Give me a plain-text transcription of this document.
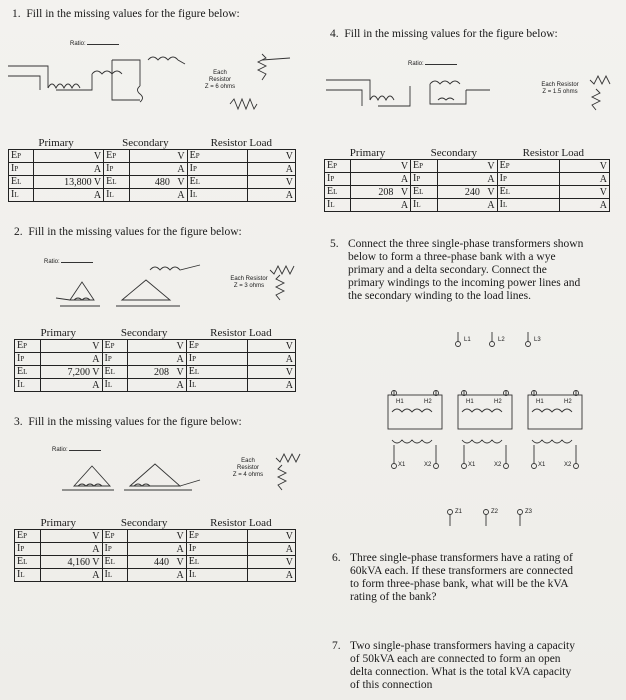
1. Fill in the missing values for the figure below:
Ratio:
Each
Resistor
Z = 6 ohms
Primary		Secondary		Resistor Load	
EP	V	EP	V	EP	V
IP	A	IP	A	IP	A
EL	13,800 V	EL	480 V	EL	V
IL	A	IL	A	IL	A
2. Fill in the missing values for the figure below:
Ratio:
Each Resistor
Z = 3 ohms
Primary		Secondary		Resistor Load	
EP	V	EP	V	EP	V
IP	A	IP	A	IP	A
EL	7,200 V	EL	208 V	EL	V
IL	A	IL	A	IL	A
3. Fill in the missing values for the figure below:
Ratio:
Each
Resistor
Z = 4 ohms
Primary		Secondary		Resistor Load	
EP	V	EP	V	EP	V
IP	A	IP	A	IP	A
EL	4,160 V	EL	440 V	EL	V
IL	A	IL	A	IL	A
4. Fill in the missing values for the figure below:
Ratio:
Each Resistor
Z = 1.5 ohms
Primary		Secondary		Resistor Load	
EP	V	EP	V	EP	V
IP	A	IP	A	IP	A
EL	208 V	EL	240 V	EL	V
IL	A	IL	A	IL	A
5. Connect the three single-phase transformers shown
below to form a three-phase bank with a wye
primary and a delta secondary. Connect the
primary windings to the incoming power lines and
the secondary winding to the load lines.
L1	L2	L3
H1	H2	H1	H2	H1	H2
X1	X2	X1	X2	X1	X2
Z1	Z2	Z3
6. Three single-phase transformers have a rating of
60kVA each. If these transformers are connected
to form three-phase bank, what will be the kVA
rating of the bank?
7. Two single-phase transformers having a capacity
of 50kVA each are connected to form an open
delta connection. What is the total kVA capacity
of this connection
